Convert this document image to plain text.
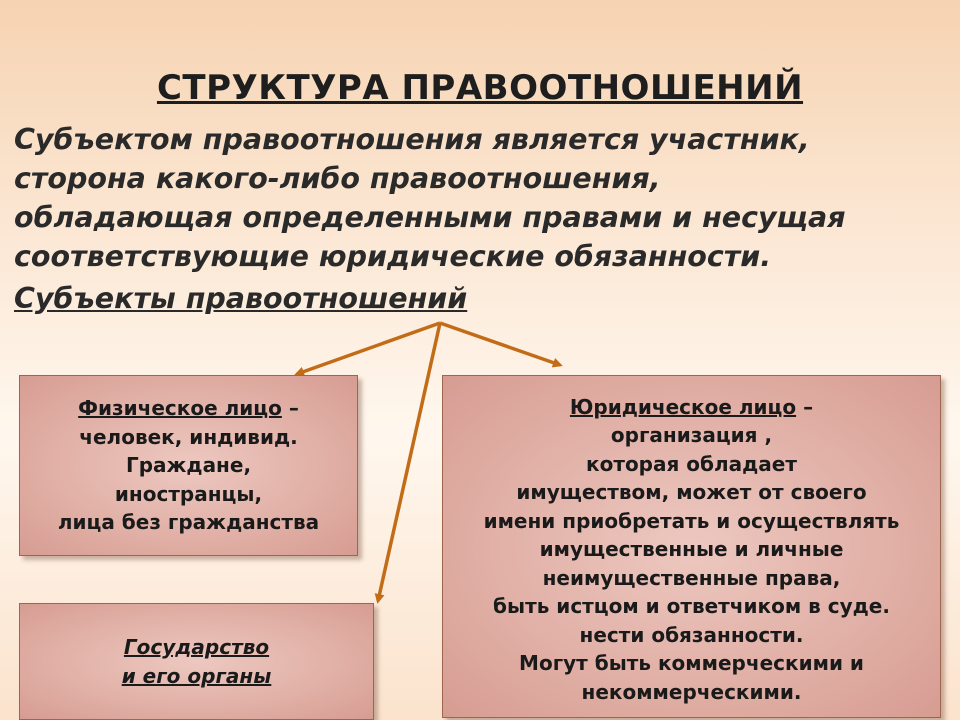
СТРУКТУРА ПРАВООТНОШЕНИЙ
Субъектом правоотношения является участник,
сторона какого-либо правоотношения,
обладающая определенными правами и несущая
соответствующие юридические обязанности.
Субъекты правоотношений
Физическое лицо –
человек, индивид.
Граждане,
иностранцы,
лица без гражданства
Юридическое лицо –
организация ,
которая обладает
имуществом, может от своего
имени приобретать и осуществлять
имущественные и личные
неимущественные права,
быть истцом и ответчиком в суде.
нести обязанности.
Могут быть коммерческими и
некоммерческими.
Государство
и его органы
